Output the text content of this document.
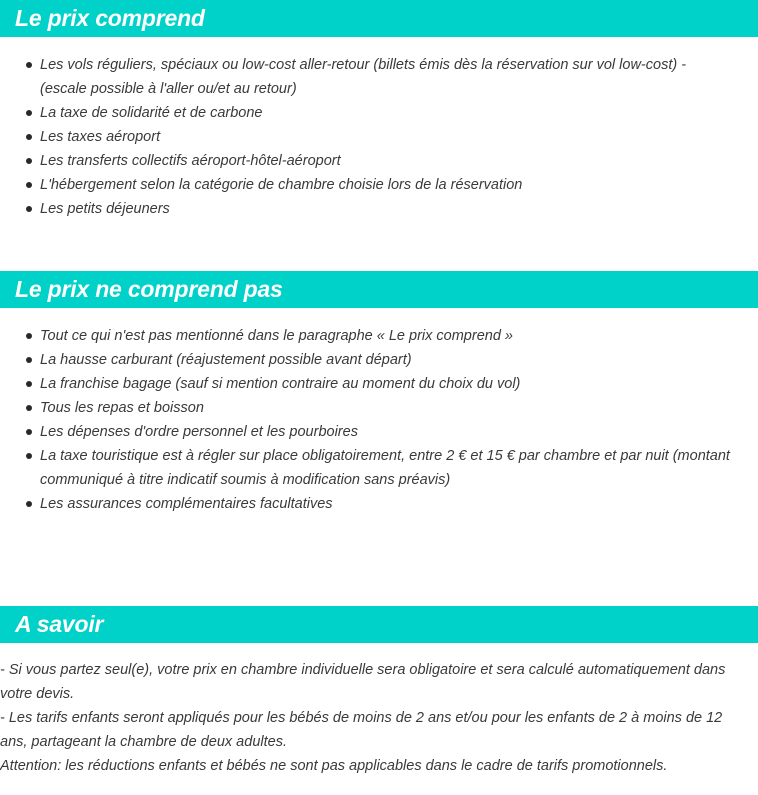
Le prix comprend
Les vols réguliers, spéciaux ou low-cost aller-retour (billets émis dès la réservation sur vol low-cost) - (escale possible à l'aller ou/et au retour)
La taxe de solidarité et de carbone
Les taxes aéroport
Les transferts collectifs aéroport-hôtel-aéroport
L'hébergement selon la catégorie de chambre choisie lors de la réservation
Les petits déjeuners
Le prix ne comprend pas
Tout ce qui n'est pas mentionné dans le paragraphe « Le prix comprend »
La hausse carburant (réajustement possible avant départ)
La franchise bagage (sauf si mention contraire au moment du choix du vol)
Tous les repas et boisson
Les dépenses d'ordre personnel et les pourboires
La taxe touristique est à régler sur place obligatoirement, entre 2 € et 15 € par chambre et par nuit (montant communiqué à titre indicatif soumis à modification sans préavis)
Les assurances complémentaires facultatives
A savoir

- Si vous partez seul(e), votre prix en chambre individuelle sera obligatoire et sera calculé automatiquement dans votre devis.

- Les tarifs enfants seront appliqués pour les bébés de moins de 2 ans et/ou pour les enfants de 2 à moins de 12 ans, partageant la chambre de deux adultes.

Attention: les réductions enfants et bébés ne sont pas applicables dans le cadre de tarifs promotionnels.
